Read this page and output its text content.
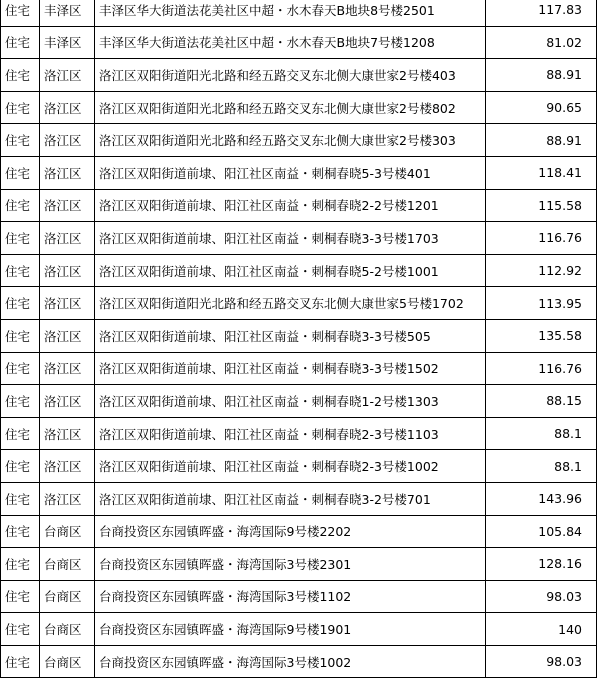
住宅	丰泽区	丰泽区华大街道法花美社区中超・水木春天B地块8号楼2501	117.83
住宅	丰泽区	丰泽区华大街道法花美社区中超・水木春天B地块7号楼1208	81.02
住宅	洛江区	洛江区双阳街道阳光北路和经五路交叉东北侧大康世家2号楼403	88.91
住宅	洛江区	洛江区双阳街道阳光北路和经五路交叉东北侧大康世家2号楼802	90.65
住宅	洛江区	洛江区双阳街道阳光北路和经五路交叉东北侧大康世家2号楼303	88.91
住宅	洛江区	洛江区双阳街道前埭、阳江社区南益・刺桐春晓5-3号楼401	118.41
住宅	洛江区	洛江区双阳街道前埭、阳江社区南益・刺桐春晓2-2号楼1201	115.58
住宅	洛江区	洛江区双阳街道前埭、阳江社区南益・刺桐春晓3-3号楼1703	116.76
住宅	洛江区	洛江区双阳街道前埭、阳江社区南益・刺桐春晓5-2号楼1001	112.92
住宅	洛江区	洛江区双阳街道阳光北路和经五路交叉东北侧大康世家5号楼1702	113.95
住宅	洛江区	洛江区双阳街道前埭、阳江社区南益・刺桐春晓3-3号楼505	135.58
住宅	洛江区	洛江区双阳街道前埭、阳江社区南益・刺桐春晓3-3号楼1502	116.76
住宅	洛江区	洛江区双阳街道前埭、阳江社区南益・刺桐春晓1-2号楼1303	88.15
住宅	洛江区	洛江区双阳街道前埭、阳江社区南益・刺桐春晓2-3号楼1103	88.1
住宅	洛江区	洛江区双阳街道前埭、阳江社区南益・刺桐春晓2-3号楼1002	88.1
住宅	洛江区	洛江区双阳街道前埭、阳江社区南益・刺桐春晓3-2号楼701	143.96
住宅	台商区	台商投资区东园镇晖盛・海湾国际9号楼2202	105.84
住宅	台商区	台商投资区东园镇晖盛・海湾国际3号楼2301	128.16
住宅	台商区	台商投资区东园镇晖盛・海湾国际3号楼1102	98.03
住宅	台商区	台商投资区东园镇晖盛・海湾国际9号楼1901	140
住宅	台商区	台商投资区东园镇晖盛・海湾国际3号楼1002	98.03
